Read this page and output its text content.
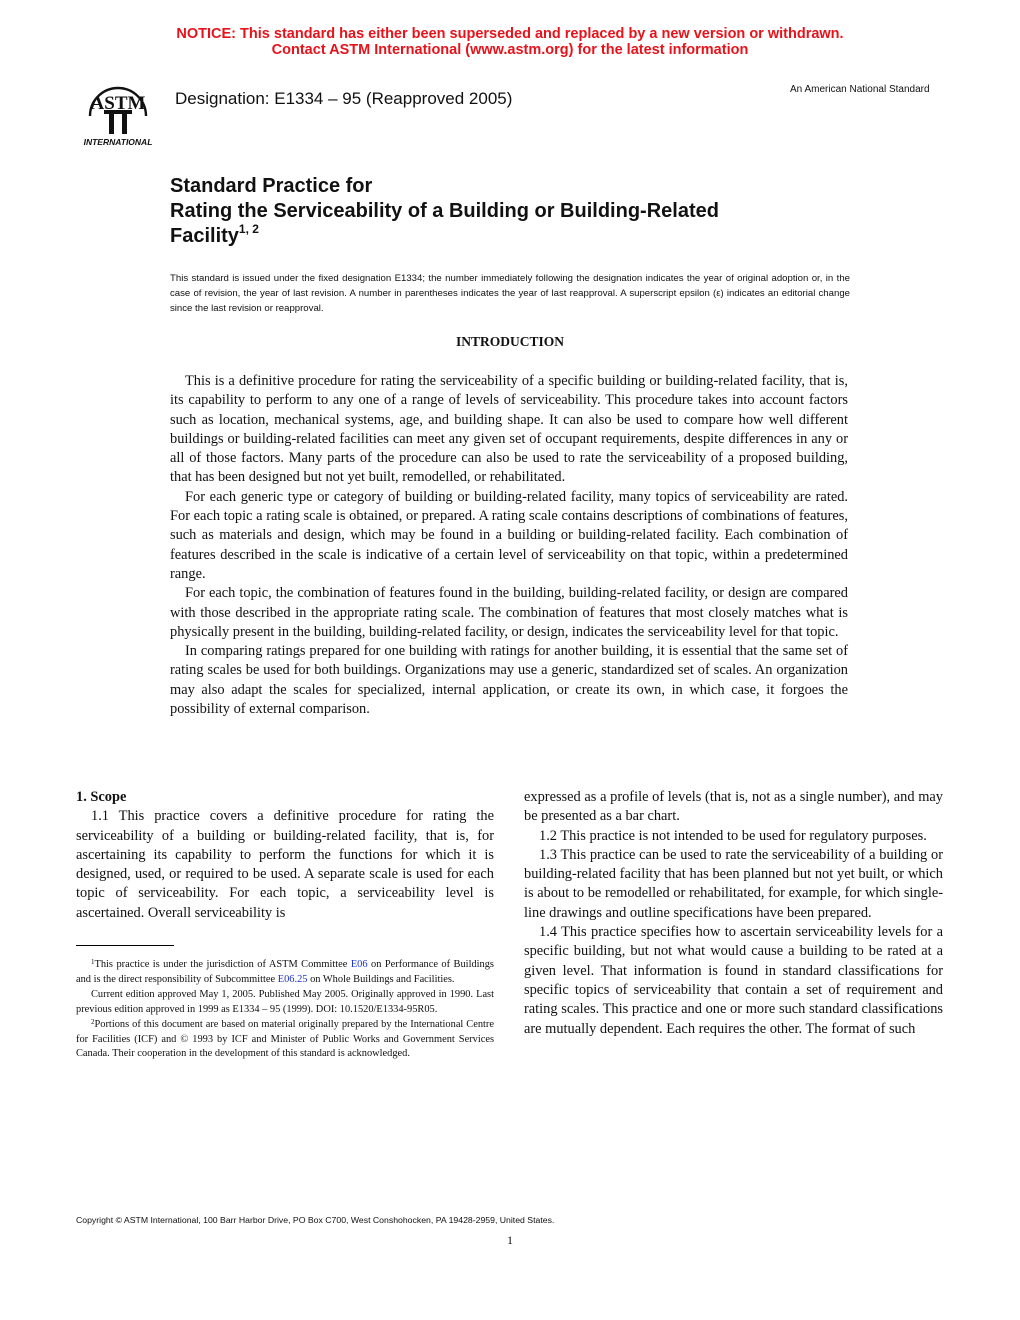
NOTICE: This standard has either been superseded and replaced by a new version or withdrawn.
Contact ASTM International (www.astm.org) for the latest information
ASTM
INTERNATIONAL
Designation: E1334 – 95 (Reapproved 2005)	An American National Standard
Standard Practice for
Rating the Serviceability of a Building or Building-Related
Facility$^{1, 2}$
This standard is issued under the fixed designation E1334; the number immediately following the designation indicates the year of original adoption or, in the case of revision, the year of last revision. A number in parentheses indicates the year of last reapproval. A superscript epsilon (ε) indicates an editorial change since the last revision or reapproval.
INTRODUCTION

This is a definitive procedure for rating the serviceability of a specific building or building-related facility, that is, its capability to perform to any one of a range of levels of serviceability. This procedure takes into account factors such as location, mechanical systems, age, and building shape. It can also be used to compare how well different buildings or building-related facilities can meet any given set of occupant requirements, despite differences in any or all of those factors. Many parts of the procedure can also be used to rate the serviceability of a proposed building, that has been designed but not yet built, remodelled, or rehabilitated.

For each generic type or category of building or building-related facility, many topics of serviceability are rated. For each topic a rating scale is obtained, or prepared. A rating scale contains descriptions of combinations of features, such as materials and design, which may be found in a building or building-related facility. Each combination of features described in the scale is indicative of a certain level of serviceability on that topic, within a predetermined range.

For each topic, the combination of features found in the building, building-related facility, or design are compared with those described in the appropriate rating scale. The combination of features that most closely matches what is physically present in the building, building-related facility, or design, indicates the serviceability level for that topic.

In comparing ratings prepared for one building with ratings for another building, it is essential that the same set of rating scales be used for both buildings. Organizations may use a generic, standardized set of scales. An organization may also adapt the scales for specialized, internal application, or create its own, in which case, it forgoes the possibility of external comparison.

1. Scope

1.1 This practice covers a definitive procedure for rating the serviceability of a building or building-related facility, that is, for ascertaining its capability to perform the functions for which it is designed, used, or required to be used. A separate scale is used for each topic of serviceability. For each topic, a serviceability level is ascertained. Overall serviceability is

$^1$This practice is under the jurisdiction of ASTM Committee E06 on Performance of Buildings and is the direct responsibility of Subcommittee E06.25 on Whole Buildings and Facilities.

Current edition approved May 1, 2005. Published May 2005. Originally approved in 1990. Last previous edition approved in 1999 as E1334 – 95 (1999). DOI: 10.1520/E1334-95R05.

$^2$Portions of this document are based on material originally prepared by the International Centre for Facilities (ICF) and © 1993 by ICF and Minister of Public Works and Government Services Canada. Their cooperation in the development of this standard is acknowledged.

expressed as a profile of levels (that is, not as a single number), and may be presented as a bar chart.

1.2 This practice is not intended to be used for regulatory purposes.

1.3 This practice can be used to rate the serviceability of a building or building-related facility that has been planned but not yet built, or which is about to be remodelled or rehabilitated, for example, for which single-line drawings and outline specifications have been prepared.

1.4 This practice specifies how to ascertain serviceability levels for a specific building, but not what would cause a building to be rated at a given level. That information is found in standard classifications for specific topics of serviceability that contain a set of requirement and rating scales. This practice and one or more such standard classifications are mutually dependent. Each requires the other. The format of such

Copyright © ASTM International, 100 Barr Harbor Drive, PO Box C700, West Conshohocken, PA 19428-2959, United States.
1
